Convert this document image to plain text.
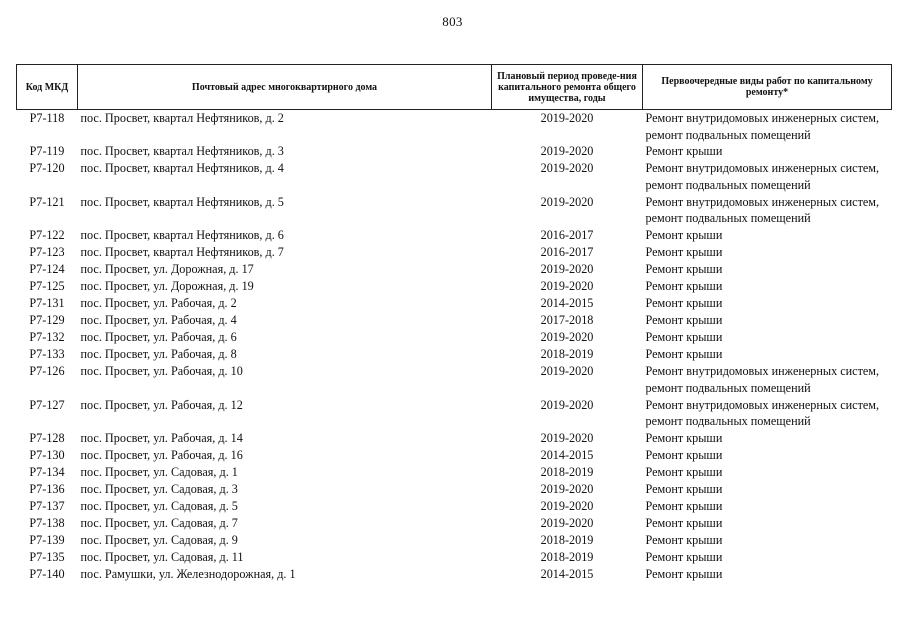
803
Код МКД	Почтовый адрес многоквартирного дома	Плановый период проведе-ния капитального ремонта общего имущества, годы	Первоочередные виды работ по капитальному ремонту*
Р7-118	пос. Просвет, квартал Нефтяников, д. 2	2019-2020	Ремонт внутридомовых инженерных систем, ремонт подвальных помещений
Р7-119	пос. Просвет, квартал Нефтяников, д. 3	2019-2020	Ремонт крыши
Р7-120	пос. Просвет, квартал Нефтяников, д. 4	2019-2020	Ремонт внутридомовых инженерных систем, ремонт подвальных помещений
Р7-121	пос. Просвет, квартал Нефтяников, д. 5	2019-2020	Ремонт внутридомовых инженерных систем, ремонт подвальных помещений
Р7-122	пос. Просвет, квартал Нефтяников, д. 6	2016-2017	Ремонт крыши
Р7-123	пос. Просвет, квартал Нефтяников, д. 7	2016-2017	Ремонт крыши
Р7-124	пос. Просвет, ул. Дорожная, д. 17	2019-2020	Ремонт крыши
Р7-125	пос. Просвет, ул. Дорожная, д. 19	2019-2020	Ремонт крыши
Р7-131	пос. Просвет, ул. Рабочая, д. 2	2014-2015	Ремонт крыши
Р7-129	пос. Просвет, ул. Рабочая, д. 4	2017-2018	Ремонт крыши
Р7-132	пос. Просвет, ул. Рабочая, д. 6	2019-2020	Ремонт крыши
Р7-133	пос. Просвет, ул. Рабочая, д. 8	2018-2019	Ремонт крыши
Р7-126	пос. Просвет, ул. Рабочая, д. 10	2019-2020	Ремонт внутридомовых инженерных систем, ремонт подвальных помещений
Р7-127	пос. Просвет, ул. Рабочая, д. 12	2019-2020	Ремонт внутридомовых инженерных систем, ремонт подвальных помещений
Р7-128	пос. Просвет, ул. Рабочая, д. 14	2019-2020	Ремонт крыши
Р7-130	пос. Просвет, ул. Рабочая, д. 16	2014-2015	Ремонт крыши
Р7-134	пос. Просвет, ул. Садовая, д. 1	2018-2019	Ремонт крыши
Р7-136	пос. Просвет, ул. Садовая, д. 3	2019-2020	Ремонт крыши
Р7-137	пос. Просвет, ул. Садовая, д. 5	2019-2020	Ремонт крыши
Р7-138	пос. Просвет, ул. Садовая, д. 7	2019-2020	Ремонт крыши
Р7-139	пос. Просвет, ул. Садовая, д. 9	2018-2019	Ремонт крыши
Р7-135	пос. Просвет, ул. Садовая, д. 11	2018-2019	Ремонт крыши
Р7-140	пос. Рамушки, ул. Железнодорожная, д. 1	2014-2015	Ремонт крыши
